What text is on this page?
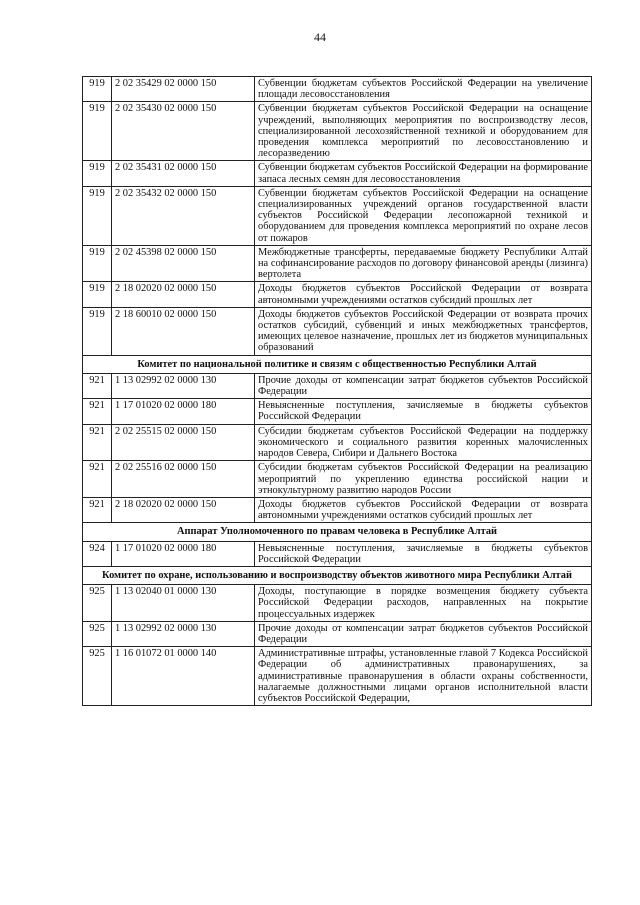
44
919	2 02 35429 02 0000 150	Субвенции бюджетам субъектов Российской Федерации на увеличение площади лесовосстановления
919	2 02 35430 02 0000 150	Субвенции бюджетам субъектов Российской Федерации на оснащение учреждений, выполняющих мероприятия по воспроизводству лесов, специализированной лесохозяйственной техникой и оборудованием для проведения комплекса мероприятий по лесовосстановлению и лесоразведению
919	2 02 35431 02 0000 150	Субвенции бюджетам субъектов Российской Федерации на формирование запаса лесных семян для лесовосстановления
919	2 02 35432 02 0000 150	Субвенции бюджетам субъектов Российской Федерации на оснащение специализированных учреждений органов государственной власти субъектов Российской Федерации лесопожарной техникой и оборудованием для проведения комплекса мероприятий по охране лесов от пожаров
919	2 02 45398 02 0000 150	Межбюджетные трансферты, передаваемые бюджету Республики Алтай на софинансирование расходов по договору финансовой аренды (лизинга) вертолета
919	2 18 02020 02 0000 150	Доходы бюджетов субъектов Российской Федерации от возврата автономными учреждениями остатков субсидий прошлых лет
919	2 18 60010 02 0000 150	Доходы бюджетов субъектов Российской Федерации от возврата прочих остатков субсидий, субвенций и иных межбюджетных трансфертов, имеющих целевое назначение, прошлых лет из бюджетов муниципальных образований
Комитет по национальной политике и связям с общественностью Республики Алтай		
921	1 13 02992 02 0000 130	Прочие доходы от компенсации затрат бюджетов субъектов Российской Федерации
921	1 17 01020 02 0000 180	Невыясненные поступления, зачисляемые в бюджеты субъектов Российской Федерации
921	2 02 25515 02 0000 150	Субсидии бюджетам субъектов Российской Федерации на поддержку экономического и социального развития коренных малочисленных народов Севера, Сибири и Дальнего Востока
921	2 02 25516 02 0000 150	Субсидии бюджетам субъектов Российской Федерации на реализацию мероприятий по укреплению единства российской нации и этнокультурному развитию народов России
921	2 18 02020 02 0000 150	Доходы бюджетов субъектов Российской Федерации от возврата автономными учреждениями остатков субсидий прошлых лет
Аппарат Уполномоченного по правам человека в Республике Алтай		
924	1 17 01020 02 0000 180	Невыясненные поступления, зачисляемые в бюджеты субъектов Российской Федерации
Комитет по охране, использованию и воспроизводству объектов животного мира Республики Алтай		
925	1 13 02040 01 0000 130	Доходы, поступающие в порядке возмещения бюджету субъекта Российской Федерации расходов, направленных на покрытие процессуальных издержек
925	1 13 02992 02 0000 130	Прочие доходы от компенсации затрат бюджетов субъектов Российской Федерации
925	1 16 01072 01 0000 140	Административные штрафы, установленные главой 7 Кодекса Российской Федерации об административных правонарушениях, за административные правонарушения в области охраны собственности, налагаемые должностными лицами органов исполнительной власти субъектов Российской Федерации,
